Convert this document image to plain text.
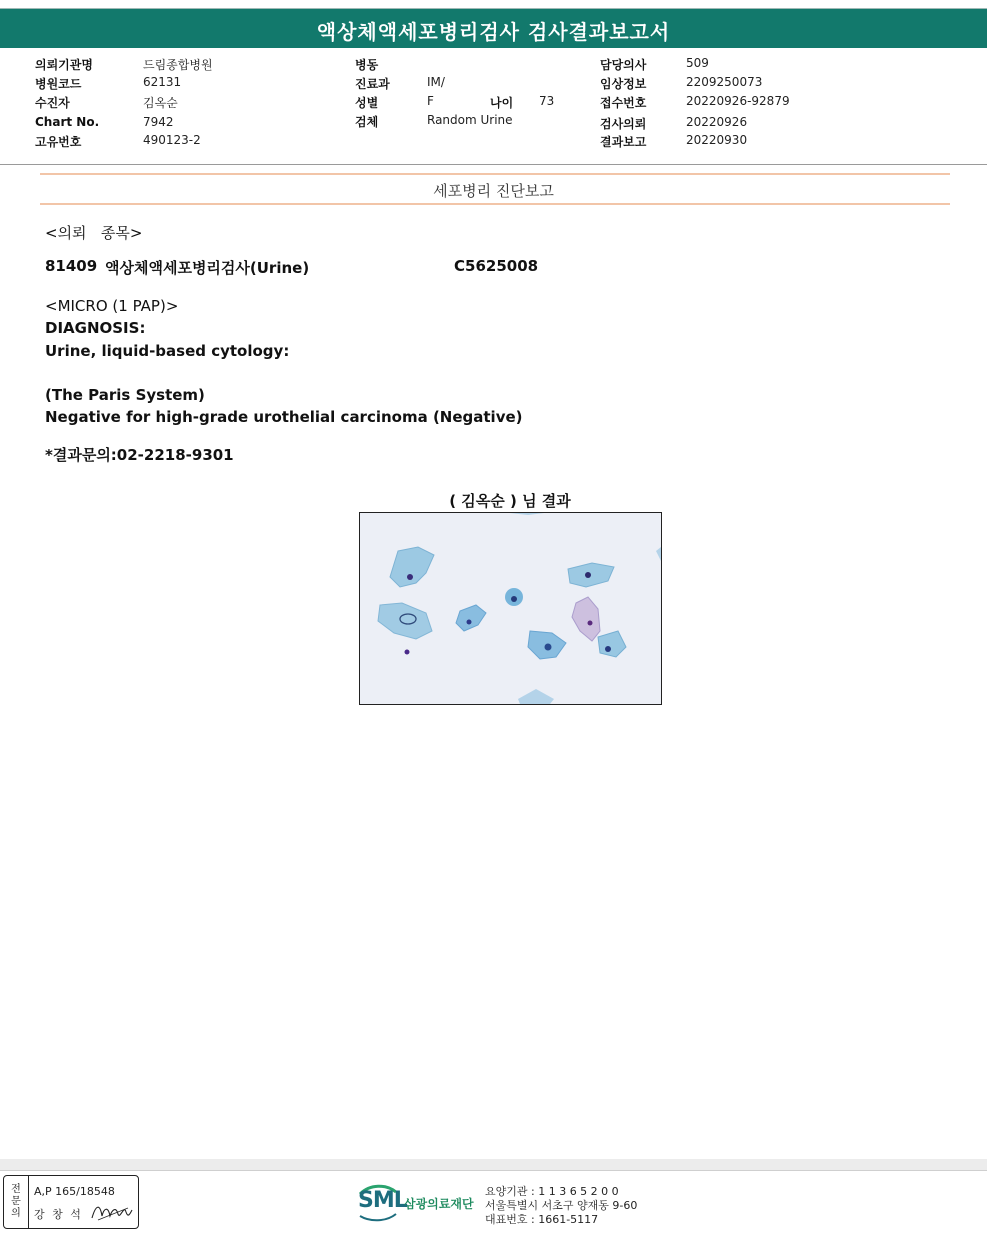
액상체액세포병리검사 검사결과보고서
의뢰기관명	드림종합병원
병원코드	62131
수진자	김옥순
Chart No.	7942
고유번호	490123-2
병동
진료과	IM/
성별	F	나이 73
검체	Random Urine
담당의사	509
임상정보	2209250073
접수번호	20220926-92879
검사의뢰	20220926
결과보고	20220930
세포병리 진단보고
<의뢰   종목>
81409 액상체액세포병리검사(Urine)	C5625008
<MICRO (1 PAP)>
DIAGNOSIS:
Urine, liquid-based cytology:
(The Paris System)
Negative for high-grade urothelial carcinoma (Negative)
*결과문의:02-2218-9301
( 김옥순 ) 님 결과
전
문
의
A,P 165/18548
강 창 석
SML
삼광의료재단
요양기관 : 1 1 3 6 5 2 0 0
서울특별시 서초구 양재동 9-60
대표번호 : 1661-5117
